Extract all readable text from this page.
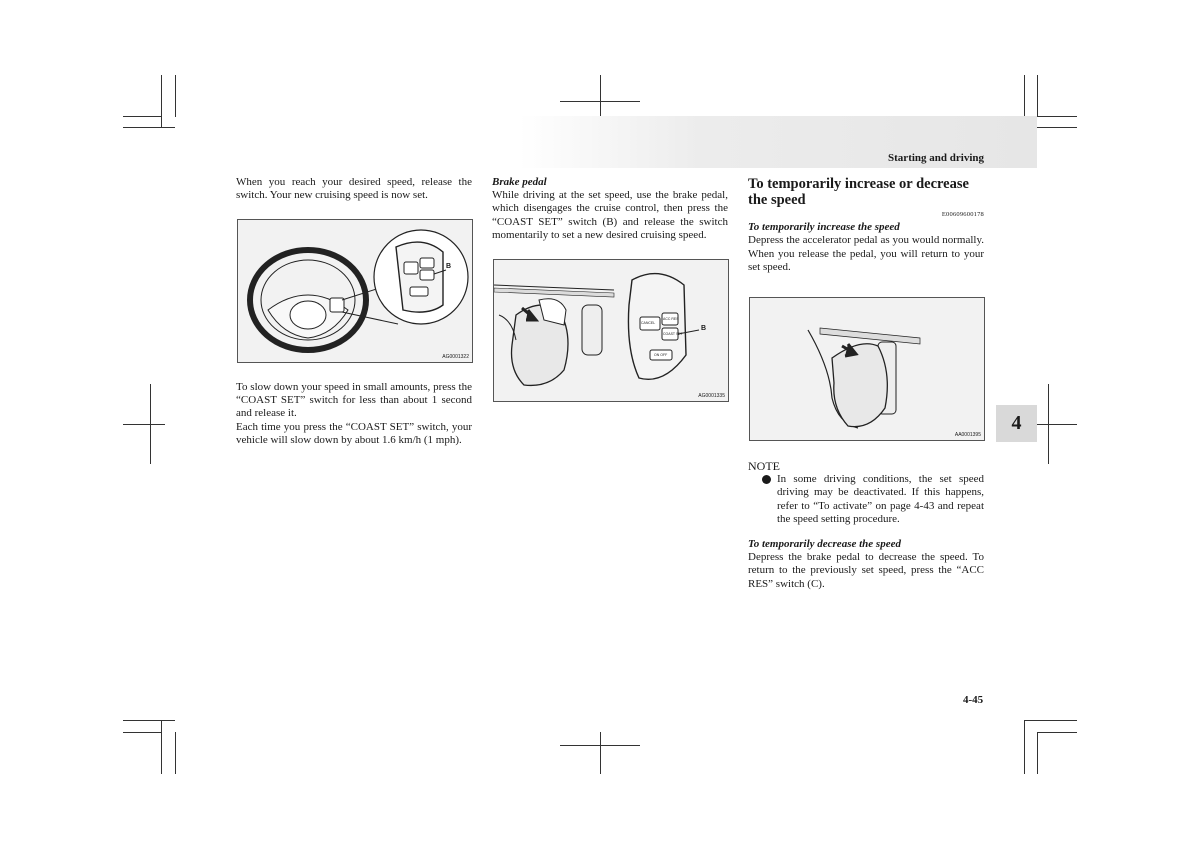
Starting and driving
4

When you reach your desired speed, release the switch. Your new cruising speed is now set.

B
AG0001322

To slow down your speed in small amounts, press the “COAST SET” switch for less than about 1 second and release it.

Each time you press the “COAST SET” switch, your vehicle will slow down by about 1.6 km/h (1 mph).

Brake pedal

While driving at the set speed, use the brake pedal, which disengages the cruise control, then press the “COAST SET” switch (B) and release the switch momentarily to set a new desired cruising speed.

CANCEL
ACC RES
COAST SET
ON OFF
B
AG0001335

To temporarily increase or decrease the speed

E00609600178

To temporarily increase the speed

Depress the accelerator pedal as you would normally. When you release the pedal, you will return to your set speed.

AA0001395

NOTE

In some driving conditions, the set speed driving may be deactivated. If this happens, refer to “To activate” on page 4-43 and repeat the speed setting procedure.

To temporarily decrease the speed

Depress the brake pedal to decrease the speed. To return to the previously set speed, press the “ACC RES” switch (C).

4-45
